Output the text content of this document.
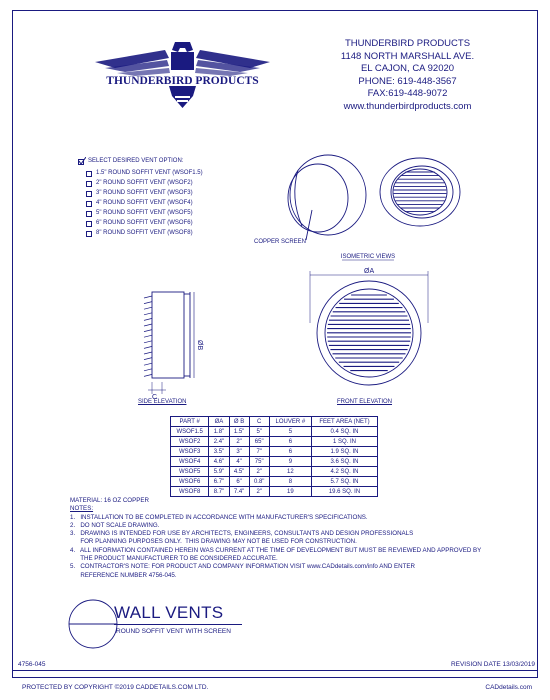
THUNDERBIRD PRODUCTS
THUNDERBIRD PRODUCTS
1148 NORTH MARSHALL AVE.
EL CAJON, CA 92020
PHONE: 619-448-3567
FAX:619-448-9072
www.thunderbirdproducts.com
SELECT DESIRED VENT OPTION:
1.5" ROUND SOFFIT VENT (WSOF1.5)
2" ROUND SOFFIT VENT (WSOF2)
3" ROUND SOFFIT VENT (WSOF3)
4" ROUND SOFFIT VENT (WSOF4)
5" ROUND SOFFIT VENT (WSOF5)
6" ROUND SOFFIT VENT (WSOF6)
8" ROUND SOFFIT VENT (WSOF8)
COPPER SCREEN
ISOMETRIC VIEWS
ØB
C
SIDE ELEVATION
ØA
FRONT ELEVATION
PART #	ØA	Ø B	C	LOUVER #	FEET AREA (NET)
WSOF1.5	1.8"	1.5"	5"	5	0.4 SQ. IN
WSOF2	2.4"	2"	65"	6	1 SQ. IN
WSOF3	3.5"	3"	7"	6	1.9 SQ. IN
WSOF4	4.6"	4"	75"	9	3.6 SQ. IN
WSOF5	5.9"	4.5"	2"	12	4.2 SQ. IN
WSOF6	6.7"	6"	0.8"	8	5.7 SQ. IN
WSOF8	8.7"	7.4"	2"	19	19.6 SQ. IN
MATERIAL: 16 OZ COPPER
NOTES:
1.   INSTALLATION TO BE COMPLETED IN ACCORDANCE WITH MANUFACTURER'S SPECIFICATIONS.
2.   DO NOT SCALE DRAWING.
3.   DRAWING IS INTENDED FOR USE BY ARCHITECTS, ENGINEERS, CONSULTANTS AND DESIGN PROFESSIONALS
FOR PLANNING PURPOSES ONLY.  THIS DRAWING MAY NOT BE USED FOR CONSTRUCTION.
4.   ALL INFORMATION CONTAINED HEREIN WAS CURRENT AT THE TIME OF DEVELOPMENT BUT MUST BE REVIEWED AND APPROVED BY
THE PRODUCT MANUFACTURER TO BE CONSIDERED ACCURATE.
5.   CONTRACTOR'S NOTE: FOR PRODUCT AND COMPANY INFORMATION VISIT www.CADdetails.com/info AND ENTER
REFERENCE NUMBER 4756-045.
WALL VENTS
ROUND SOFFIT VENT WITH SCREEN
4756-045	REVISION DATE 13/03/2019
PROTECTED BY COPYRIGHT ©2019 CADDETAILS.COM LTD.	CADdetails.com
